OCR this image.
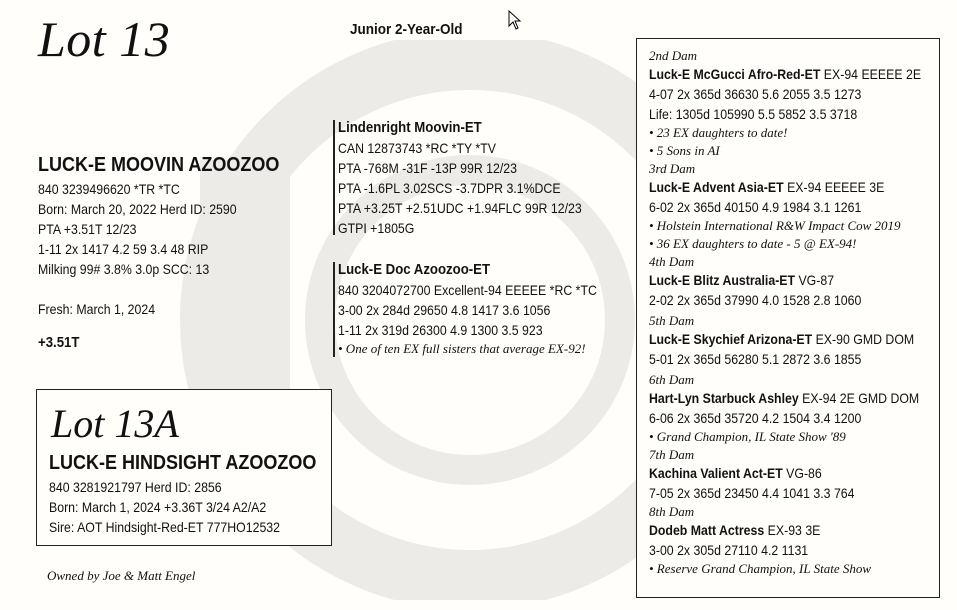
Lot 13	Junior 2-Year-Old
LUCK-E MOOVIN AZOOZOO
840 3239496620 *TR *TC
Born: March 20, 2022 Herd ID: 2590
PTA +3.51T 12/23
1-11 2x 1417 4.2 59 3.4 48 RIP
Milking 99# 3.8% 3.0p SCC: 13
Fresh: March 1, 2024
+3.51T
Lindenright Moovin-ET
CAN 12873743 *RC *TY *TV
PTA -768M -31F -13P 99R 12/23
PTA -1.6PL 3.02SCS -3.7DPR 3.1%DCE
PTA +3.25T +2.51UDC +1.94FLC 99R 12/23
GTPI +1805G
Luck-E Doc Azoozoo-ET
840 3204072700 Excellent-94 EEEEE *RC *TC
3-00 2x 284d 29650 4.8 1417 3.6 1056
1-11 2x 319d 26300 4.9 1300 3.5 923
• One of ten EX full sisters that average EX-92!
Lot 13A
LUCK-E HINDSIGHT AZOOZOO
840 3281921797 Herd ID: 2856
Born: March 1, 2024 +3.36T 3/24 A2/A2
Sire: AOT Hindsight-Red-ET 777HO12532
Owned by Joe & Matt Engel
2nd Dam
Luck-E McGucci Afro-Red-ET EX-94 EEEEE 2E
4-07 2x 365d 36630 5.6 2055 3.5 1273
Life: 1305d 105990 5.5 5852 3.5 3718
• 23 EX daughters to date!
• 5 Sons in AI
3rd Dam
Luck-E Advent Asia-ET EX-94 EEEEE 3E
6-02 2x 365d 40150 4.9 1984 3.1 1261
• Holstein International R&W Impact Cow 2019
• 36 EX daughters to date - 5 @ EX-94!
4th Dam
Luck-E Blitz Australia-ET VG-87
2-02 2x 365d 37990 4.0 1528 2.8 1060
5th Dam
Luck-E Skychief Arizona-ET EX-90 GMD DOM
5-01 2x 365d 56280 5.1 2872 3.6 1855
6th Dam
Hart-Lyn Starbuck Ashley EX-94 2E GMD DOM
6-06 2x 365d 35720 4.2 1504 3.4 1200
• Grand Champion, IL State Show '89
7th Dam
Kachina Valient Act-ET VG-86
7-05 2x 365d 23450 4.4 1041 3.3 764
8th Dam
Dodeb Matt Actress EX-93 3E
3-00 2x 305d 27110 4.2 1131
• Reserve Grand Champion, IL State Show
